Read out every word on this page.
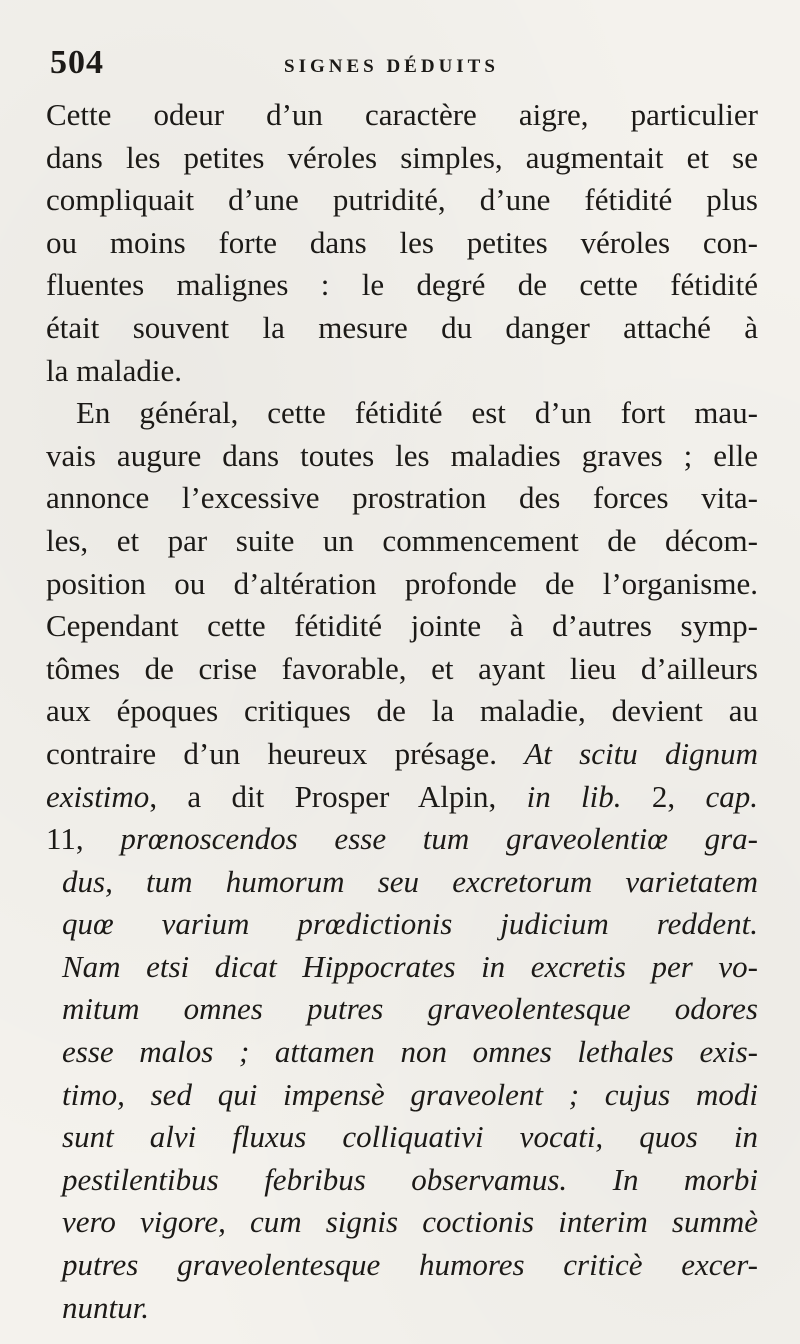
504	SIGNES DÉDUITS
Cette odeur d’un caractère aigre, particulier
dans les petites véroles simples, augmentait et se
compliquait d’une putridité, d’une fétidité plus
ou moins forte dans les petites véroles con-
fluentes malignes : le degré de cette fétidité
était souvent la mesure du danger attaché à
la maladie.
En général, cette fétidité est d’un fort mau-
vais augure dans toutes les maladies graves ; elle
annonce l’excessive prostration des forces vita-
les, et par suite un commencement de décom-
position ou d’altération profonde de l’organisme.
Cependant cette fétidité jointe à d’autres symp-
tômes de crise favorable, et ayant lieu d’ailleurs
aux époques critiques de la maladie, devient au
contraire d’un heureux présage. At scitu dignum
existimo, a dit Prosper Alpin, in lib. 2, cap.
11, prœnoscendos esse tum graveolentiœ gra-
dus, tum humorum seu excretorum varietatem
quœ varium prœdictionis judicium reddent.
Nam etsi dicat Hippocrates in excretis per vo-
mitum omnes putres graveolentesque odores
esse malos ; attamen non omnes lethales exis-
timo, sed qui impensè graveolent ; cujus modi
sunt alvi fluxus colliquativi vocati, quos in
pestilentibus febribus observamus. In morbi
vero vigore, cum signis coctionis interim summè
putres graveolentesque humores criticè excer-
nuntur.
